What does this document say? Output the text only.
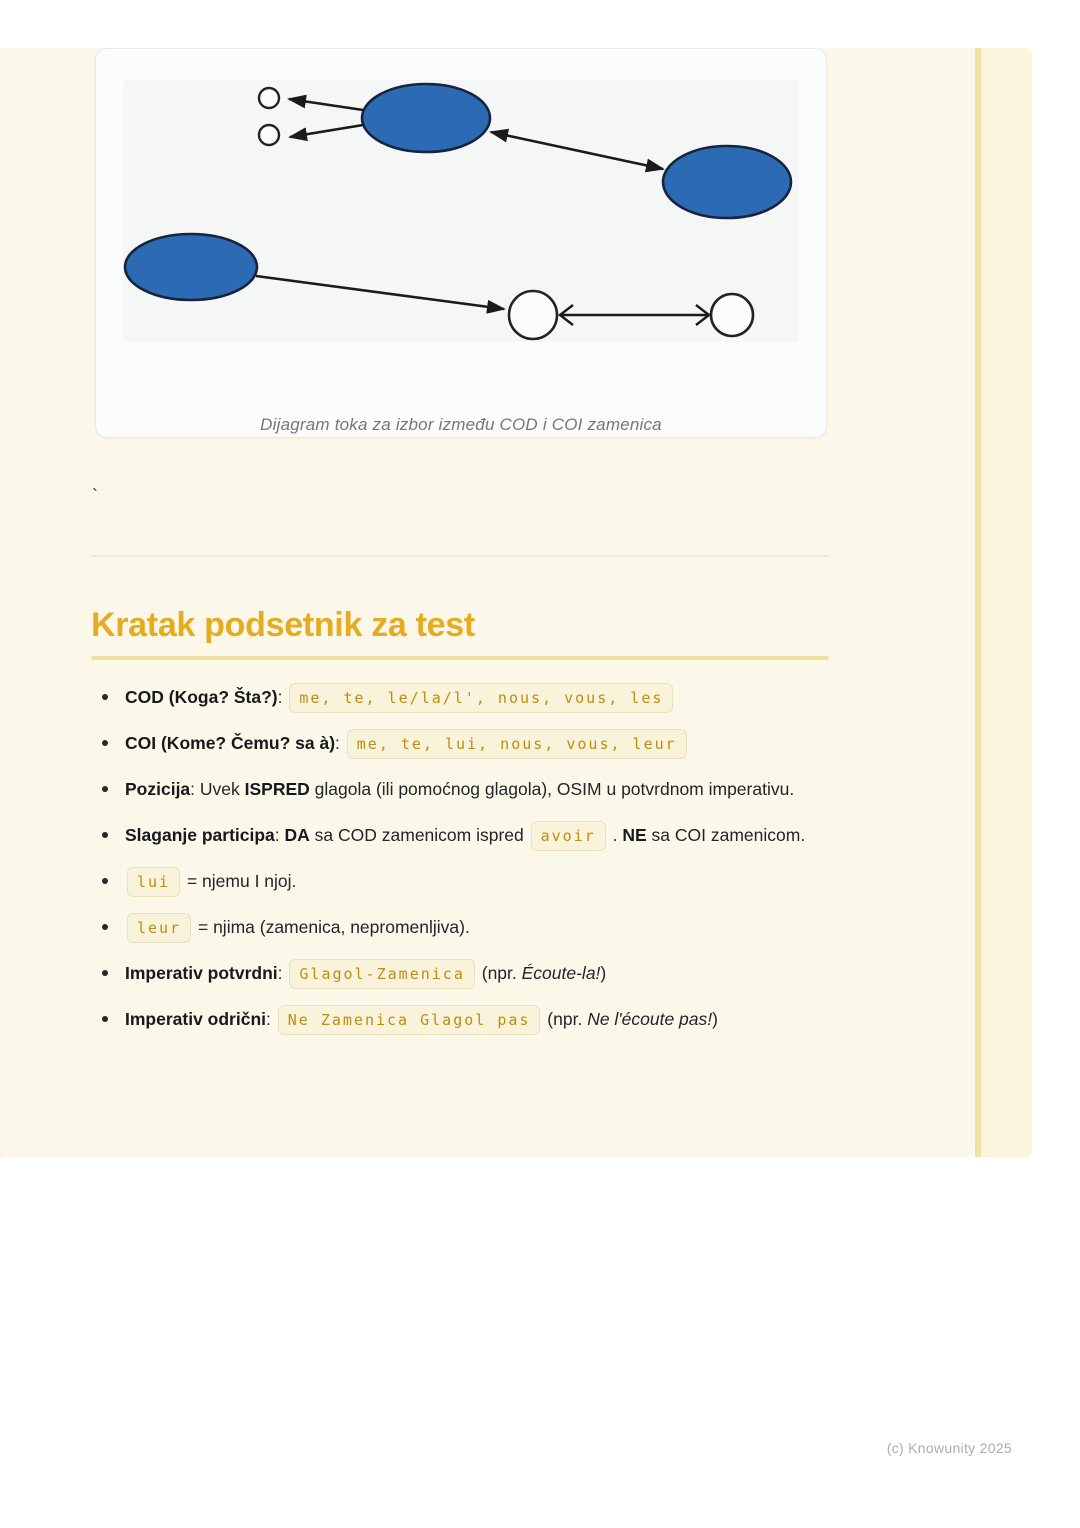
Dijagram toka za izbor između COD i COI zamenica
`
Kratak podsetnik za test
COD (Koga? Šta?): me, te, le/la/l', nous, vous, les
COI (Kome? Čemu? sa à): me, te, lui, nous, vous, leur
Pozicija: Uvek ISPRED glagola (ili pomoćnog glagola), OSIM u potvrdnom imperativu.
Slaganje participa: DA sa COD zamenicom ispred avoir . NE sa COI zamenicom.
lui = njemu I njoj.
leur = njima (zamenica, nepromenljiva).
Imperativ potvrdni: Glagol-Zamenica (npr. Écoute-la!)
Imperativ odrični: Ne Zamenica Glagol pas (npr. Ne l'écoute pas!)
(c) Knowunity 2025
